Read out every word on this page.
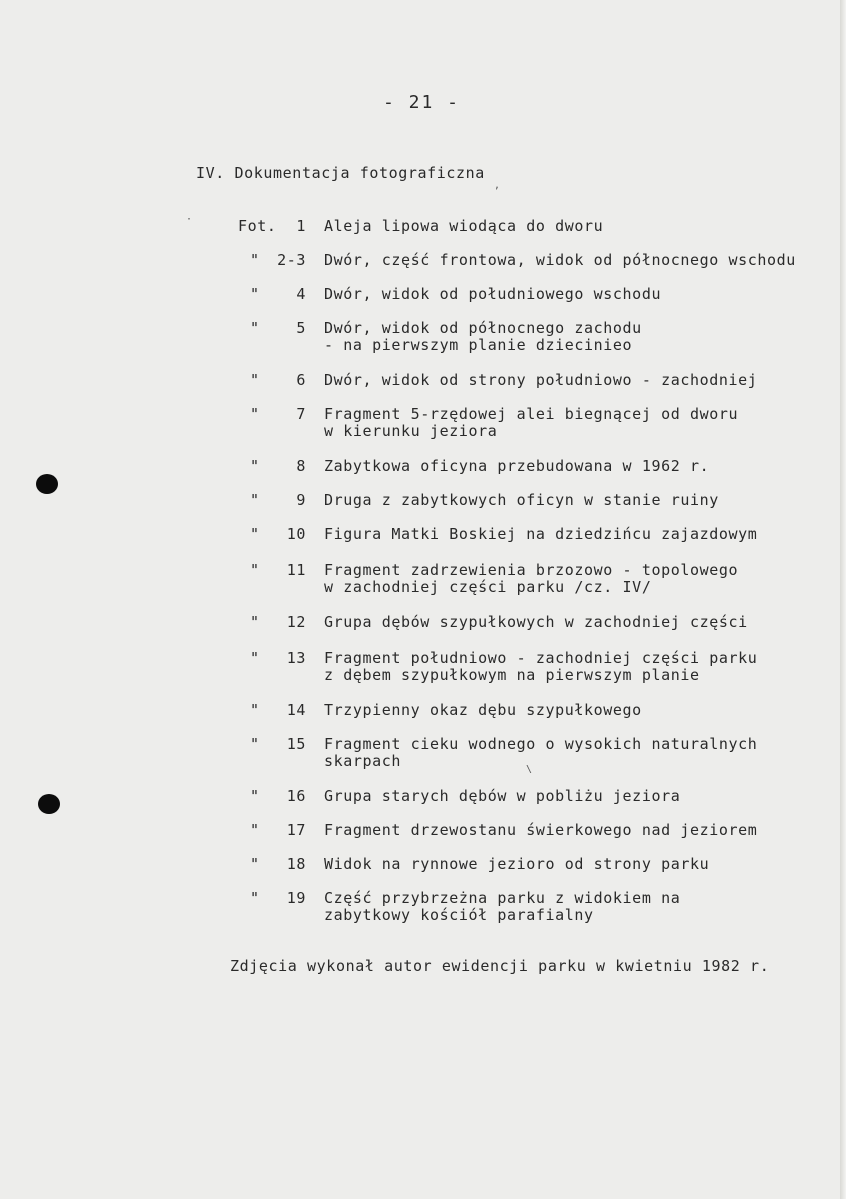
- 21 -
IV. Dokumentacja fotograficzna
Fot.	1 Aleja lipowa wiodąca do dworu
"	2-3 Dwór, część frontowa, widok od północnego wschodu
"	4 Dwór, widok od południowego wschodu
"	5 Dwór, widok od północnego zachodu
- na pierwszym planie dziecinieo
"	6 Dwór, widok od strony południowo - zachodniej
"	7 Fragment 5-rzędowej alei biegnącej od dworu
w kierunku jeziora
"	8 Zabytkowa oficyna przebudowana w 1962 r.
"	9 Druga z zabytkowych oficyn w stanie ruiny
"	10 Figura Matki Boskiej na dziedzińcu zajazdowym
"	11 Fragment zadrzewienia brzozowo - topolowego
w zachodniej części parku /cz. IV/
"	12 Grupa dębów szypułkowych w zachodniej części
"	13 Fragment południowo - zachodniej części parku
z dębem szypułkowym na pierwszym planie
"	14 Trzypienny okaz dębu szypułkowego
"	15 Fragment cieku wodnego o wysokich naturalnych
skarpach
"	16 Grupa starych dębów w pobliżu jeziora
"	17 Fragment drzewostanu świerkowego nad jeziorem
"	18 Widok na rynnowe jezioro od strony parku
"	19 Część przybrzeżna parku z widokiem na
zabytkowy kościół parafialny
Zdjęcia wykonał autor ewidencji parku w kwietniu 1982 r.
·
,
\
